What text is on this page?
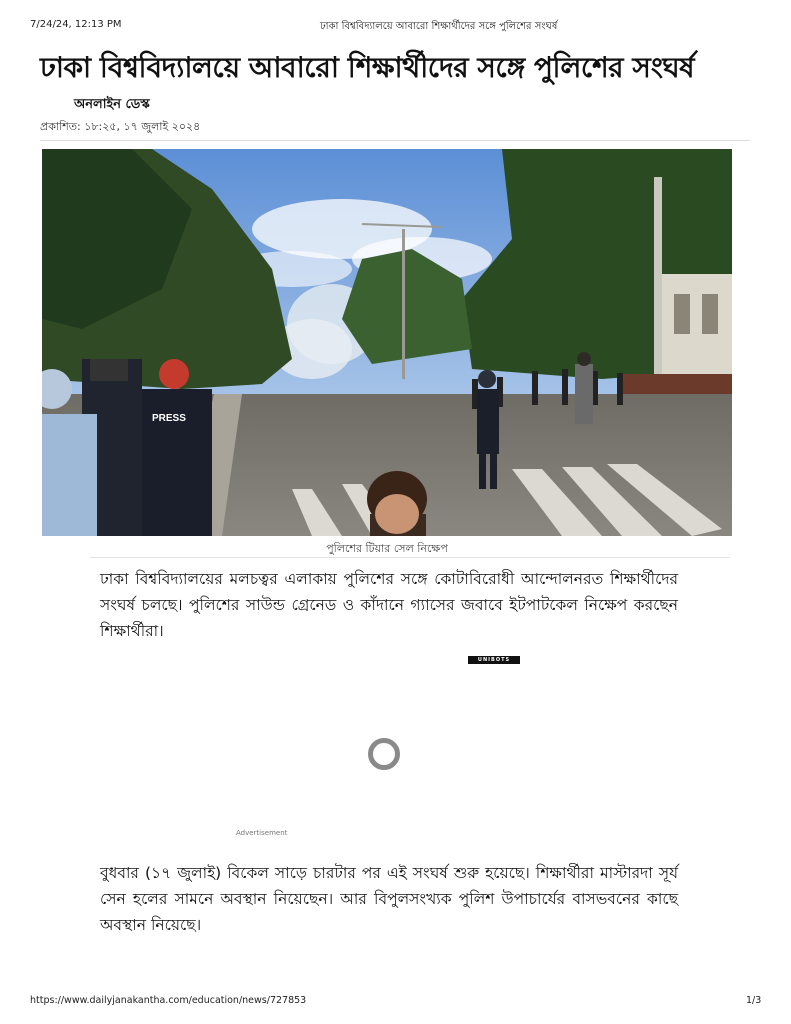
7/24/24, 12:13 PM	ঢাকা বিশ্ববিদ্যালয়ে আবারো শিক্ষার্থীদের সঙ্গে পুলিশের সংঘর্ষ
ঢাকা বিশ্ববিদ্যালয়ে আবারো শিক্ষার্থীদের সঙ্গে পুলিশের সংঘর্ষ
অনলাইন ডেস্ক
প্রকাশিত: ১৮:২৫, ১৭ জুলাই ২০২৪
PRESS
পুলিশের টিয়ার সেল নিক্ষেপ
ঢাকা বিশ্ববিদ্যালয়ের মলচত্বর এলাকায় পুলিশের সঙ্গে কোটাবিরোধী আন্দোলনরত শিক্ষার্থীদের সংঘর্ষ চলছে। পুলিশের সাউন্ড গ্রেনেড ও কাঁদানে গ্যাসের জবাবে ইটপাটকেল নিক্ষেপ করছেন শিক্ষার্থীরা।
UNIBOTS
Advertisement
বুধবার (১৭ জুলাই) বিকেল সাড়ে চারটার পর এই সংঘর্ষ শুরু হয়েছে। শিক্ষার্থীরা মাস্টারদা সূর্য সেন হলের সামনে অবস্থান নিয়েছেন। আর বিপুলসংখ্যক পুলিশ উপাচার্যের বাসভবনের কাছে অবস্থান নিয়েছে।
https://www.dailyjanakantha.com/education/news/727853	1/3
